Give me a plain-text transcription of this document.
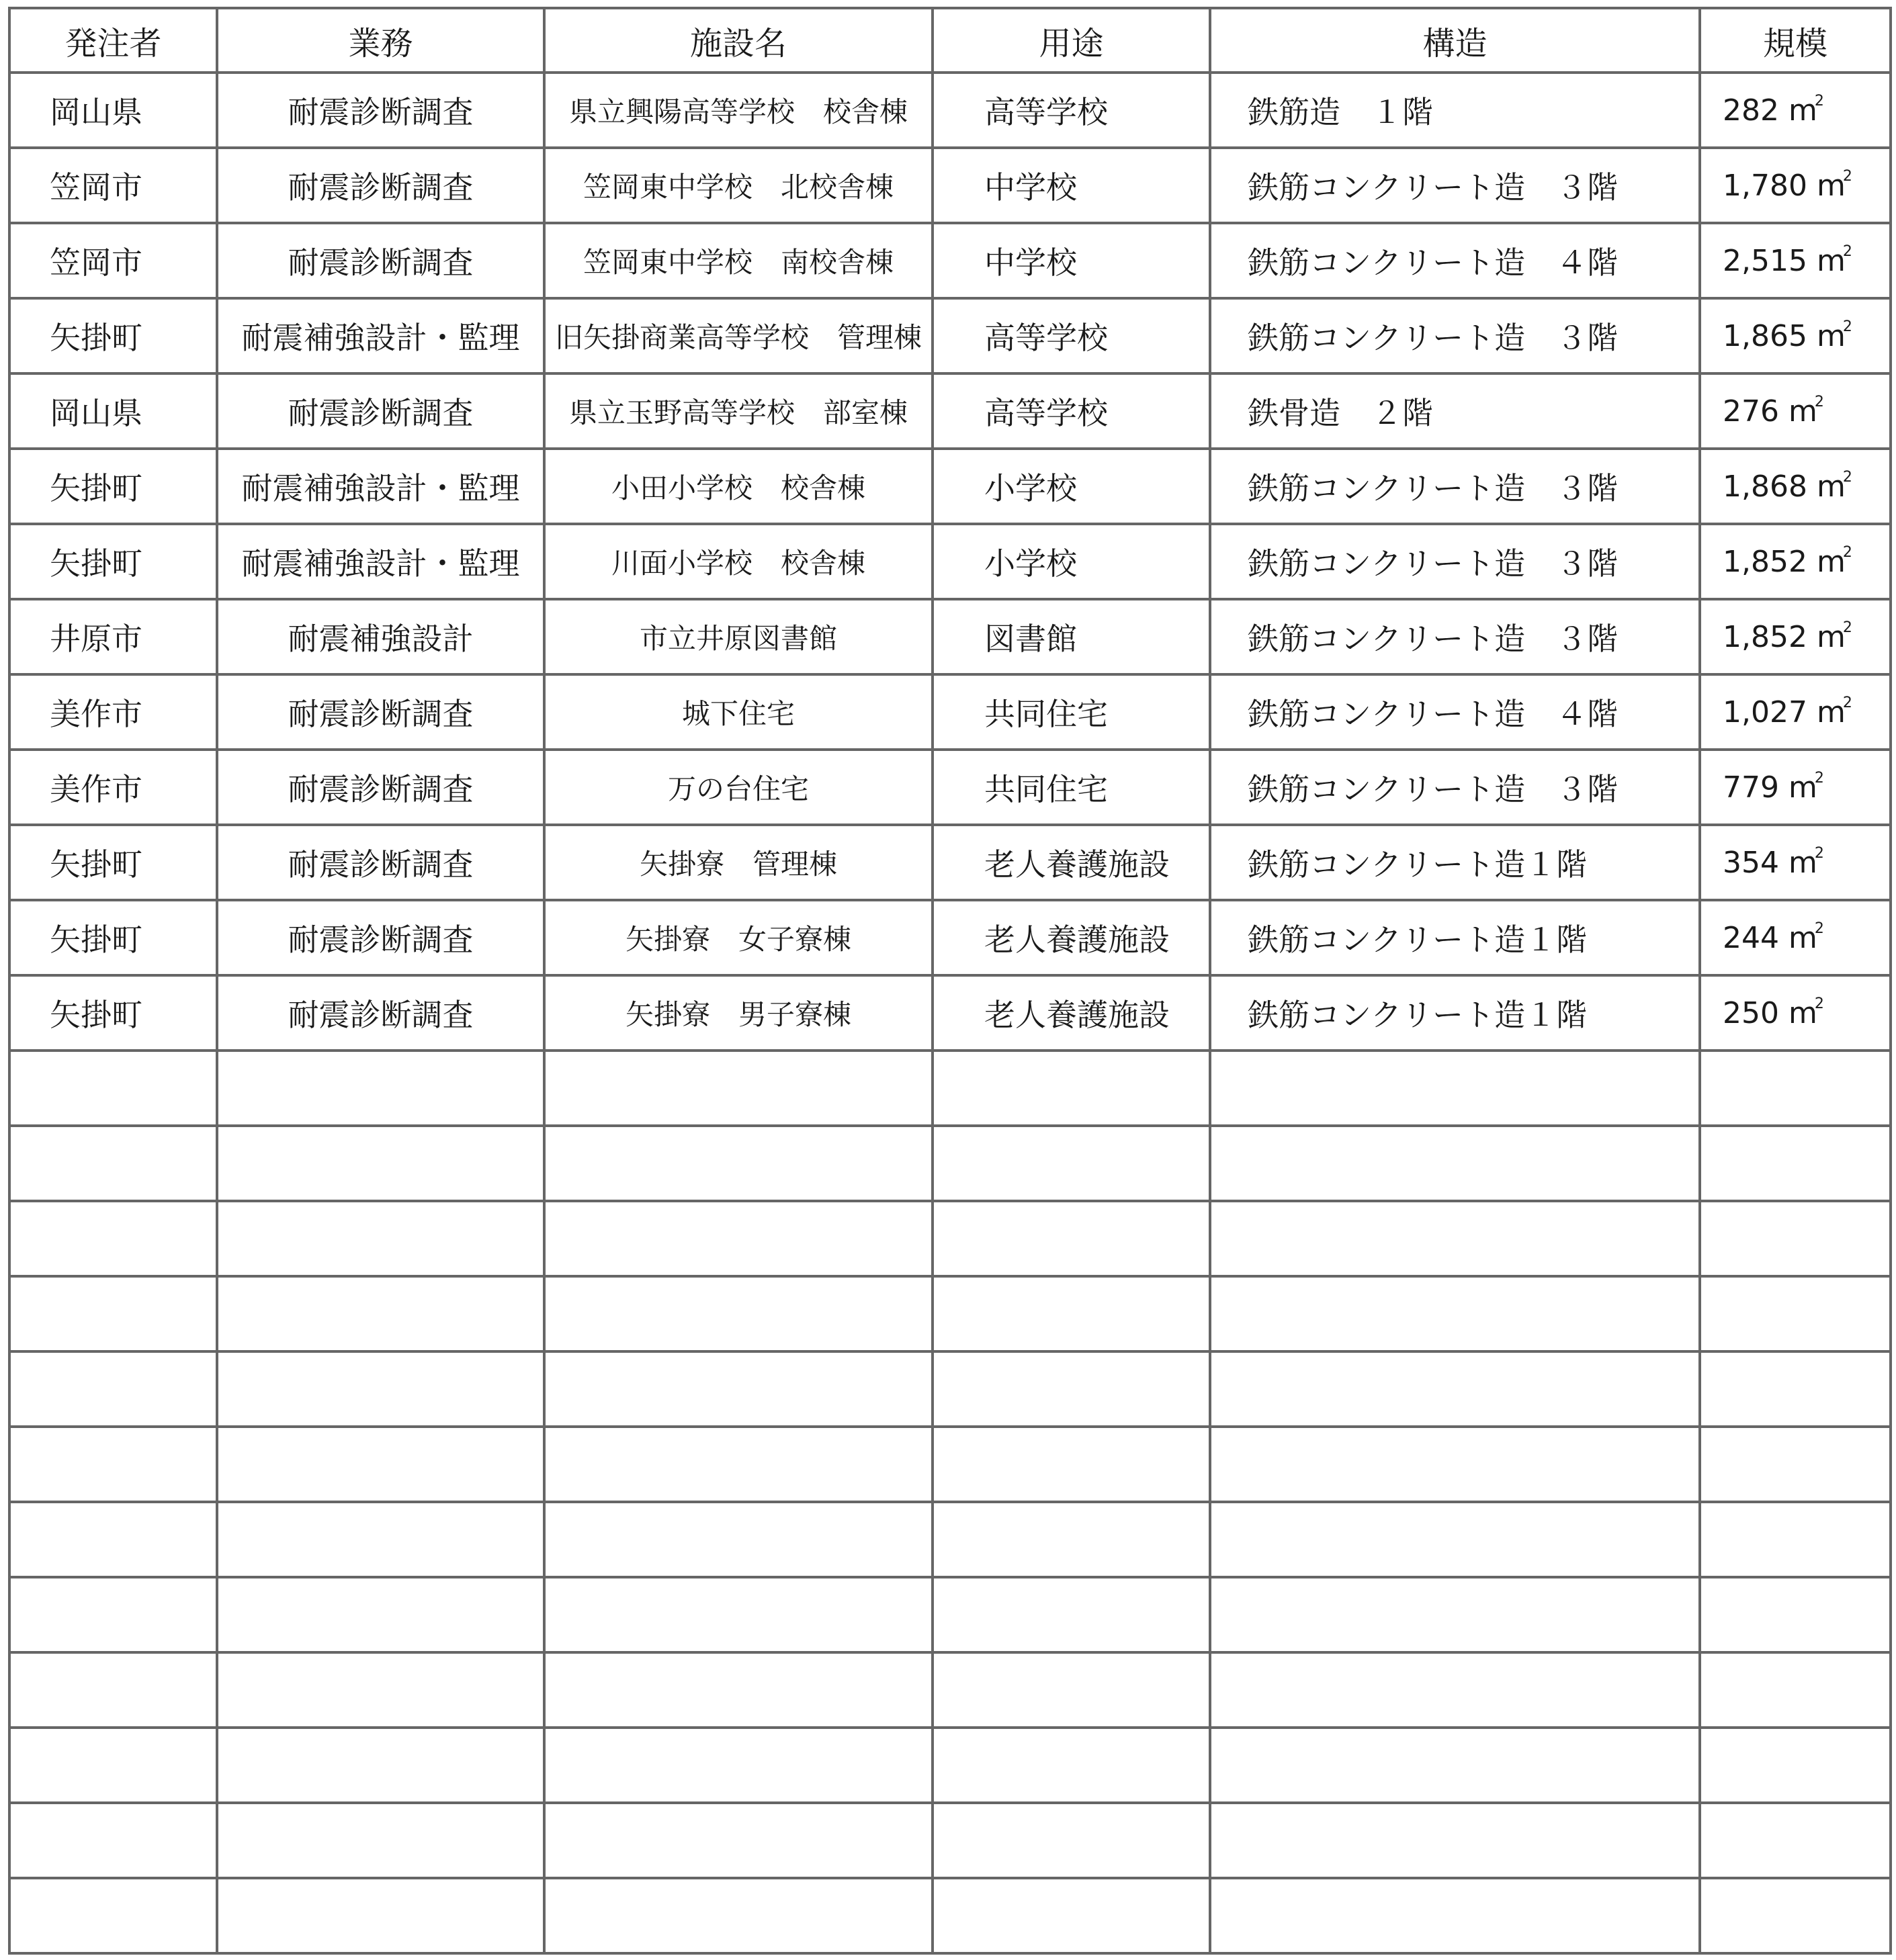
発注者	業務	施設名	用途	構造	規模
岡山県	耐震診断調査	県立興陽高等学校　校舎棟	高等学校	鉄筋造　１階	282 $m^2$
笠岡市	耐震診断調査	笠岡東中学校　北校舎棟	中学校	鉄筋コンクリート造　３階	1,780 $m^2$
笠岡市	耐震診断調査	笠岡東中学校　南校舎棟	中学校	鉄筋コンクリート造　４階	2,515 $m^2$
矢掛町	耐震補強設計・監理	旧矢掛商業高等学校　管理棟	高等学校	鉄筋コンクリート造　３階	1,865 $m^2$
岡山県	耐震診断調査	県立玉野高等学校　部室棟	高等学校	鉄骨造　２階	276 $m^2$
矢掛町	耐震補強設計・監理	小田小学校　校舎棟	小学校	鉄筋コンクリート造　３階	1,868 $m^2$
矢掛町	耐震補強設計・監理	川面小学校　校舎棟	小学校	鉄筋コンクリート造　３階	1,852 $m^2$
井原市	耐震補強設計	市立井原図書館	図書館	鉄筋コンクリート造　３階	1,852 $m^2$
美作市	耐震診断調査	城下住宅	共同住宅	鉄筋コンクリート造　４階	1,027 $m^2$
美作市	耐震診断調査	万の台住宅	共同住宅	鉄筋コンクリート造　３階	779 $m^2$
矢掛町	耐震診断調査	矢掛寮　管理棟	老人養護施設	鉄筋コンクリート造１階	354 $m^2$
矢掛町	耐震診断調査	矢掛寮　女子寮棟	老人養護施設	鉄筋コンクリート造１階	244 $m^2$
矢掛町	耐震診断調査	矢掛寮　男子寮棟	老人養護施設	鉄筋コンクリート造１階	250 $m^2$
